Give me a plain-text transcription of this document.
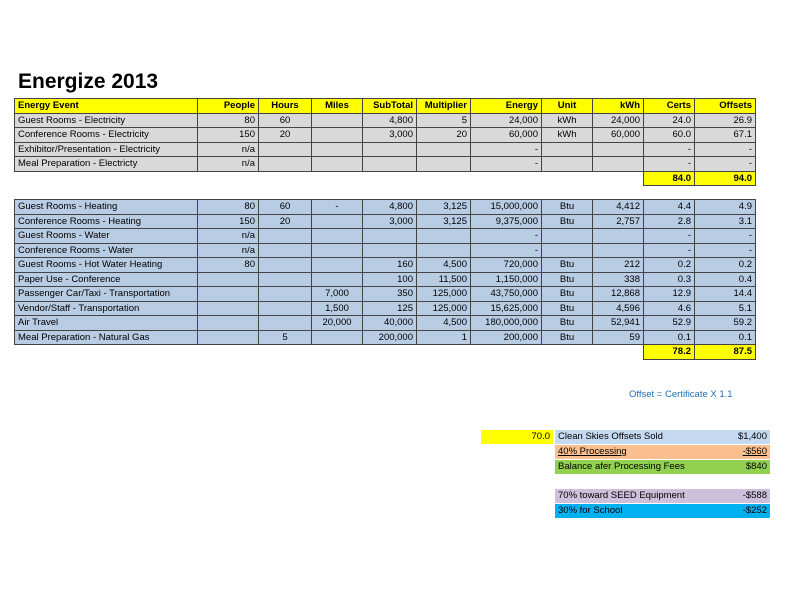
Energize 2013
Energy Event	People	Hours	Miles	SubTotal	Multiplier	Energy	Unit	kWh	Certs	Offsets
Guest Rooms - Electricity	80	60		4,800	5	24,000	kWh	24,000	24.0	26.9
Conference Rooms - Electricity	150	20		3,000	20	60,000	kWh	60,000	60.0	67.1
Exhibitor/Presentation - Electricity	n/a					-			-	-
Meal Preparation - Electricty	n/a					-			-	-
									84.0	94.0
Guest Rooms - Heating	80	60	-	4,800	3,125	15,000,000	Btu	4,412	4.4	4.9
Conference Rooms - Heating	150	20		3,000	3,125	9,375,000	Btu	2,757	2.8	3.1
Guest Rooms - Water	n/a					-			-	-
Conference Rooms - Water	n/a					-			-	-
Guest Rooms - Hot Water Heating	80			160	4,500	720,000	Btu	212	0.2	0.2
Paper Use - Conference				100	11,500	1,150,000	Btu	338	0.3	0.4
Passenger Car/Taxi - Transportation			7,000	350	125,000	43,750,000	Btu	12,868	12.9	14.4
Vendor/Staff - Transportation			1,500	125	125,000	15,625,000	Btu	4,596	4.6	5.1
Air Travel			20,000	40,000	4,500	180,000,000	Btu	52,941	52.9	59.2
Meal Preparation - Natural Gas		5		200,000	1	200,000	Btu	59	0.1	0.1
									78.2	87.5
Offset = Certificate X 1.1
70.0 Clean Skies Offsets Sold	$1,400
40% Processing	-$560
Balance afer Processing Fees	$840
70% toward SEED Equipment	-$588
30% for School	-$252
